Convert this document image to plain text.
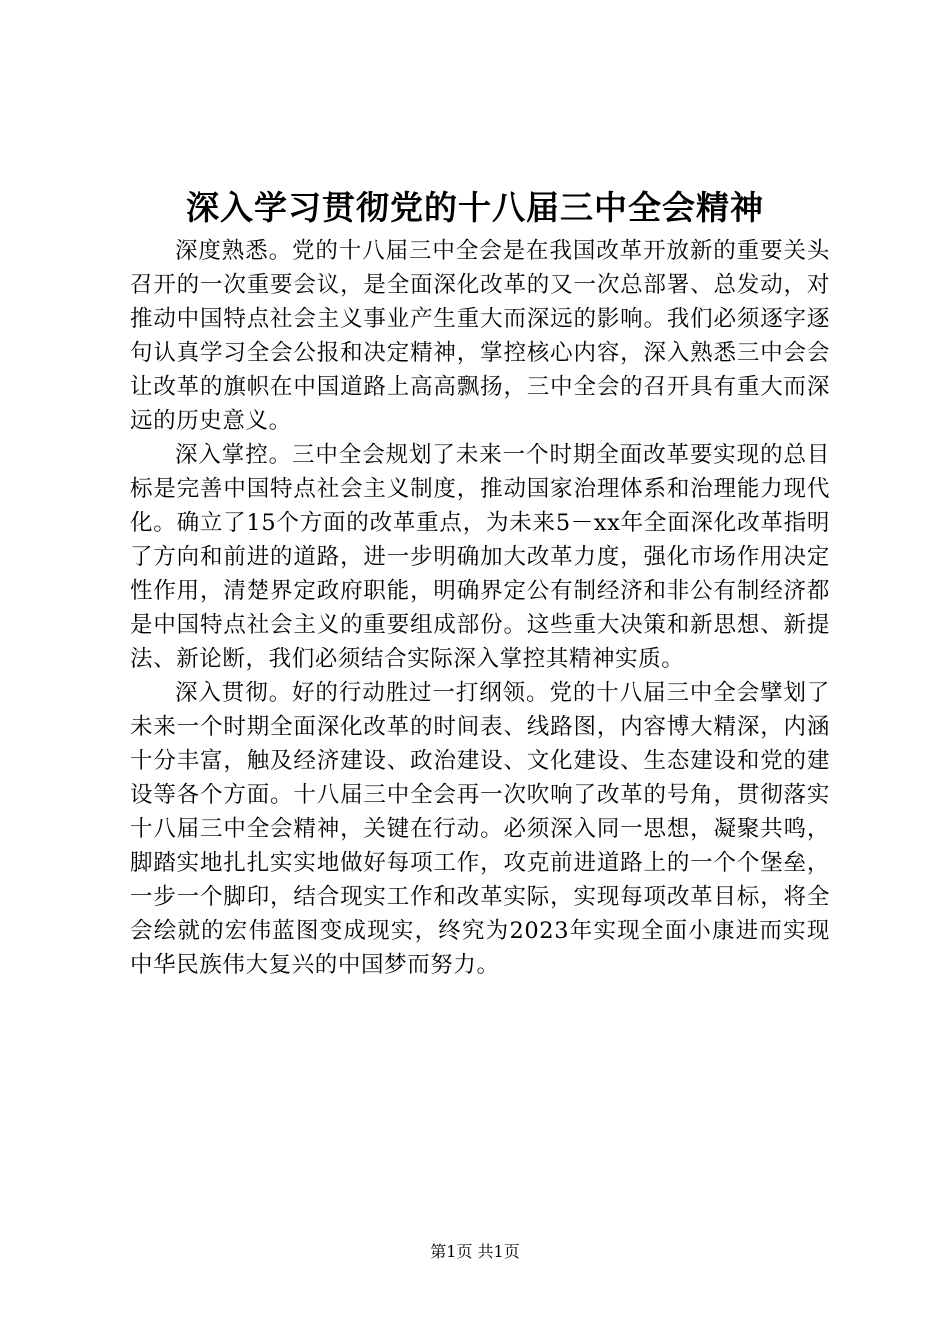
深入学习贯彻党的十八届三中全会精神

深度熟悉。党的十八届三中全会是在我国改革开放新的重要关头召开的一次重要会议，是全面深化改革的又一次总部署、总发动，对推动中国特点社会主义事业产生重大而深远的影响。我们必须逐字逐句认真学习全会公报和决定精神，掌控核心内容，深入熟悉三中会会让改革的旗帜在中国道路上高高飘扬，三中全会的召开具有重大而深远的历史意义。

深入掌控。三中全会规划了未来一个时期全面改革要实现的总目标是完善中国特点社会主义制度，推动国家治理体系和治理能力现代化。确立了15个方面的改革重点，为未来5－xx年全面深化改革指明了方向和前进的道路，进一步明确加大改革力度，强化市场作用决定性作用，清楚界定政府职能，明确界定公有制经济和非公有制经济都是中国特点社会主义的重要组成部份。这些重大决策和新思想、新提法、新论断，我们必须结合实际深入掌控其精神实质。

深入贯彻。好的行动胜过一打纲领。党的十八届三中全会擘划了未来一个时期全面深化改革的时间表、线路图，内容博大精深，内涵十分丰富，触及经济建设、政治建设、文化建设、生态建设和党的建设等各个方面。十八届三中全会再一次吹响了改革的号角，贯彻落实十八届三中全会精神，关键在行动。必须深入同一思想，凝聚共鸣，脚踏实地扎扎实实地做好每项工作，攻克前进道路上的一个个堡垒，一步一个脚印，结合现实工作和改革实际，实现每项改革目标，将全会绘就的宏伟蓝图变成现实，终究为2023年实现全面小康进而实现中华民族伟大复兴的中国梦而努力。

第1页 共1页
